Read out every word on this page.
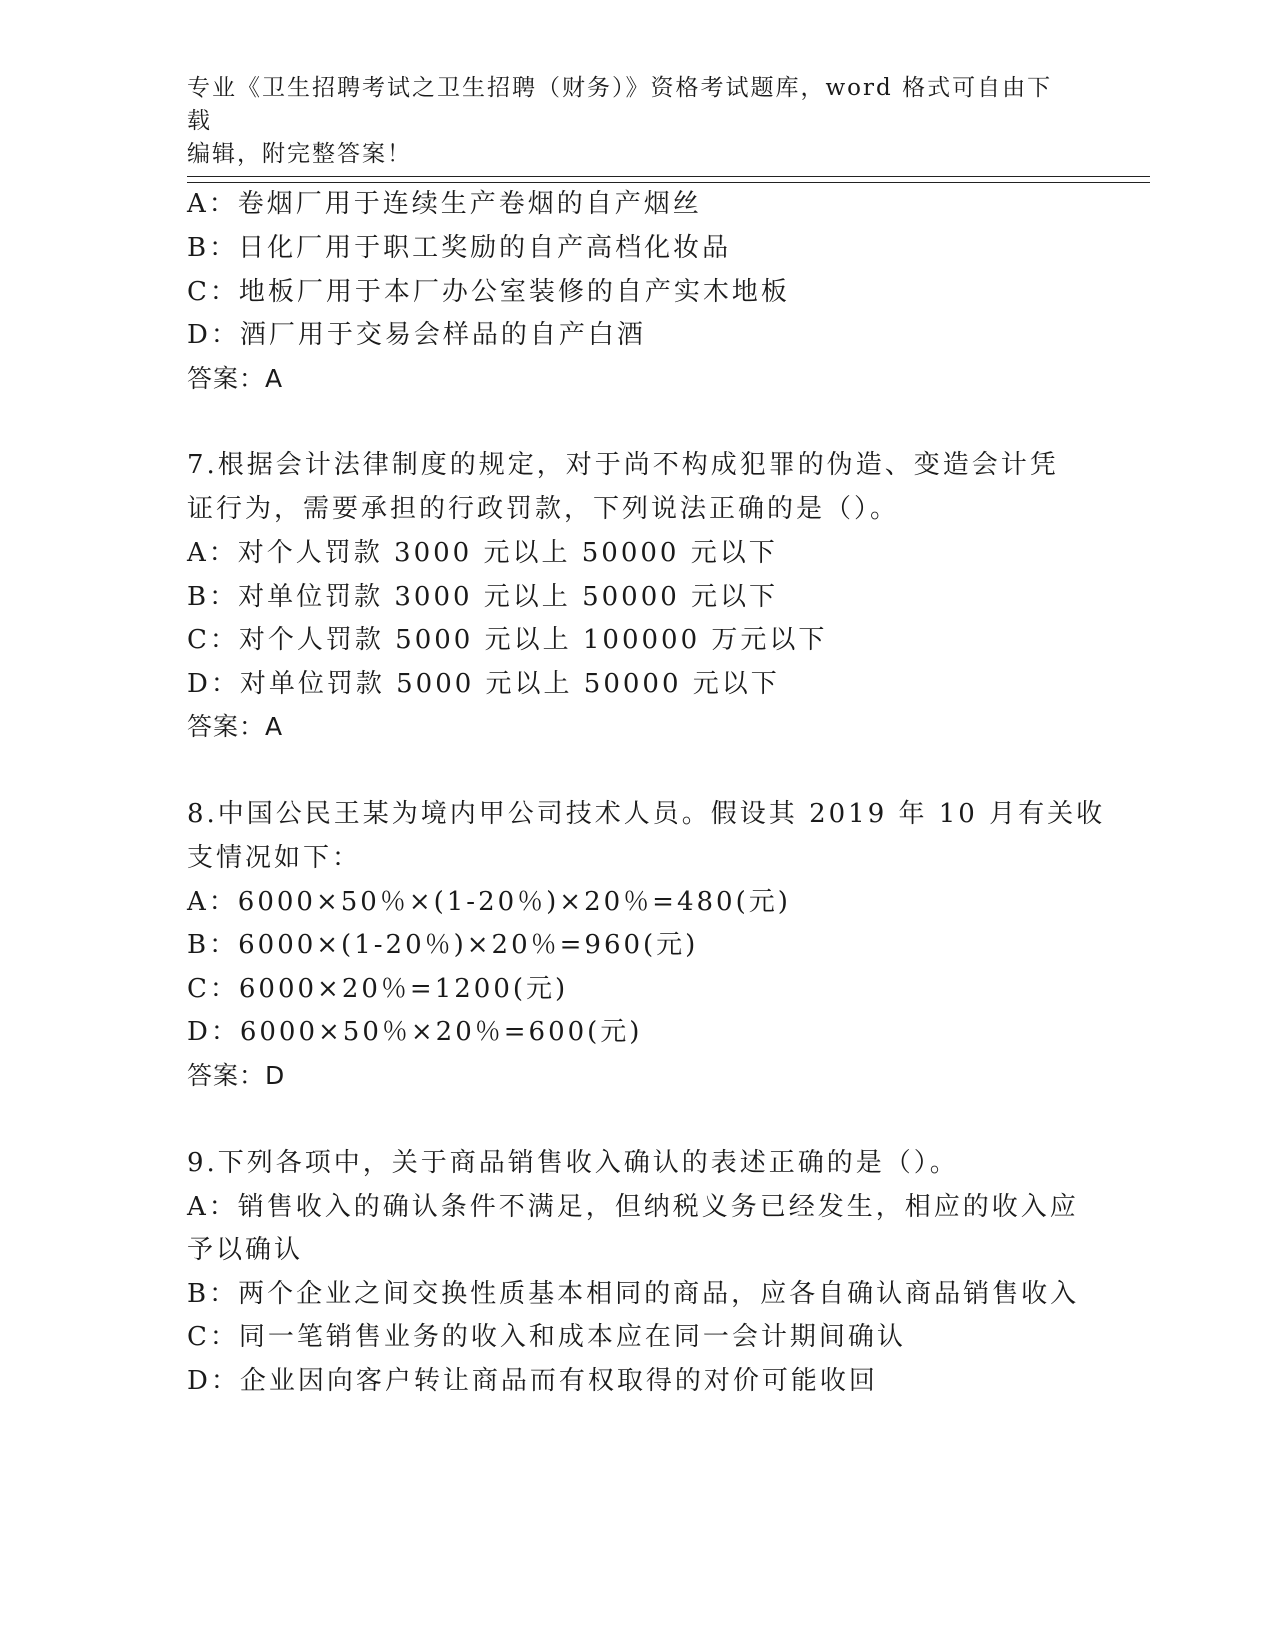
专业《卫生招聘考试之卫生招聘（财务）》资格考试题库，word 格式可自由下载
编辑，附完整答案！
A：卷烟厂用于连续生产卷烟的自产烟丝
B：日化厂用于职工奖励的自产高档化妆品
C：地板厂用于本厂办公室装修的自产实木地板
D：酒厂用于交易会样品的自产白酒
答案：A
7.根据会计法律制度的规定，对于尚不构成犯罪的伪造、变造会计凭
证行为，需要承担的行政罚款，下列说法正确的是（）。
A：对个人罚款 3000 元以上 50000 元以下
B：对单位罚款 3000 元以上 50000 元以下
C：对个人罚款 5000 元以上 100000 万元以下
D：对单位罚款 5000 元以上 50000 元以下
答案：A
8.中国公民王某为境内甲公司技术人员。假设其 2019 年 10 月有关收
支情况如下：
A：6000×50％×(1-20％)×20％=480(元)
B：6000×(1-20％)×20％=960(元)
C：6000×20％=1200(元)
D：6000×50％×20％=600(元)
答案：D
9.下列各项中，关于商品销售收入确认的表述正确的是（）。
A：销售收入的确认条件不满足，但纳税义务已经发生，相应的收入应
予以确认
B：两个企业之间交换性质基本相同的商品，应各自确认商品销售收入
C：同一笔销售业务的收入和成本应在同一会计期间确认
D：企业因向客户转让商品而有权取得的对价可能收回
